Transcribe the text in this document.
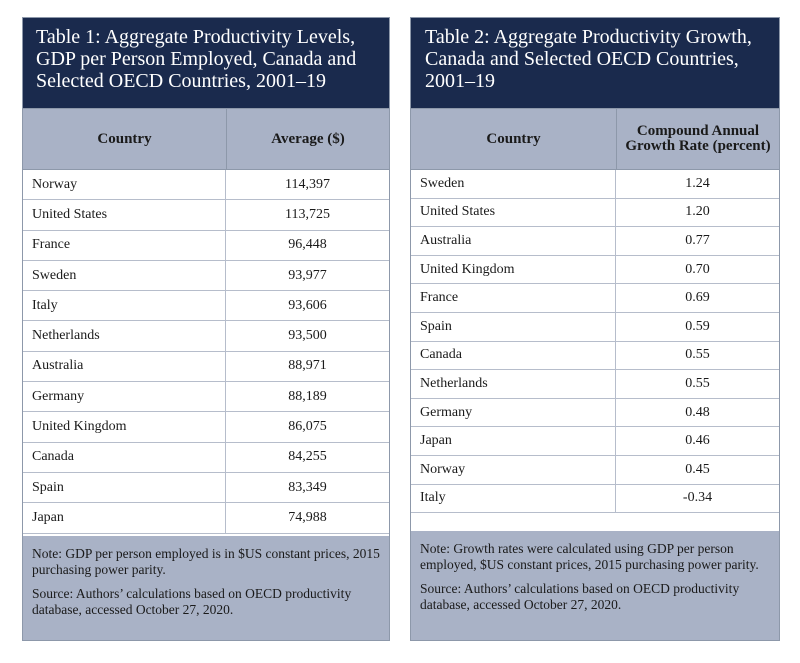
Table 1: Aggregate Productivity Levels, GDP per Person Employed, Canada and Selected OECD Countries, 2001–19
Country	Average ($)
Norway	114,397
United States	113,725
France	96,448
Sweden	93,977
Italy	93,606
Netherlands	93,500
Australia	88,971
Germany	88,189
United Kingdom	86,075
Canada	84,255
Spain	83,349
Japan	74,988

Note: GDP per person employed is in $US constant prices, 2015 purchasing power parity.

Source: Authors’ calculations based on OECD productivity database, accessed October 27, 2020.

Table 2: Aggregate Productivity Growth, Canada and Selected OECD Countries, 2001–19
Country	Compound Annual Growth Rate (percent)
Sweden	1.24
United States	1.20
Australia	0.77
United Kingdom	0.70
France	0.69
Spain	0.59
Canada	0.55
Netherlands	0.55
Germany	0.48
Japan	0.46
Norway	0.45
Italy	-0.34

Note: Growth rates were calculated using GDP per person employed, $US constant prices, 2015 purchasing power parity.

Source: Authors’ calculations based on OECD productivity database, accessed October 27, 2020.
